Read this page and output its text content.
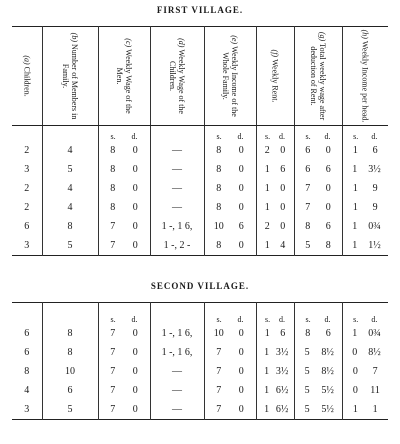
FIRST VILLAGE.
(a) Children.	(b) Number of Members in Family.	(c) Weekly Wage of the Men.	(d) Weekly Wage of the Children.	(e) Weekly Income of the Whole Family.	(f) Weekly Rent.	(g) Total weekly wage after deduction of Rent.	(h) Weekly Income per head.

		s. d.		s. d.	s. d.	s. d.	s. d.

2	4	8 0	—	8 0	2 0	6 0	1 6

3	5	8 0	—	8 0	1 6	6 6	1 3½

2	4	8 0	—	8 0	1 0	7 0	1 9

2	4	8 0	—	8 0	1 0	7 0	1 9

6	8	7 0	1 -, 1 6,	10 6	2 0	8 6	1 0¾

3	5	7 0	1 -, 2 -	8 0	1 4	5 8	1 1½
SECOND VILLAGE.

		s. d.		s. d.	s. d.	s. d.	s. d.

6	8	7 0	1 -, 1 6,	10 0	1 6	8 6	1 0¾

6	8	7 0	1 -, 1 6,	7 0	1 3½	5 8½	0 8½

8	10	7 0	—	7 0	1 3½	5 8½	0 7

4	6	7 0	—	7 0	1 6½	5 5½	0 11

3	5	7 0	—	7 0	1 6½	5 5½	1 1
